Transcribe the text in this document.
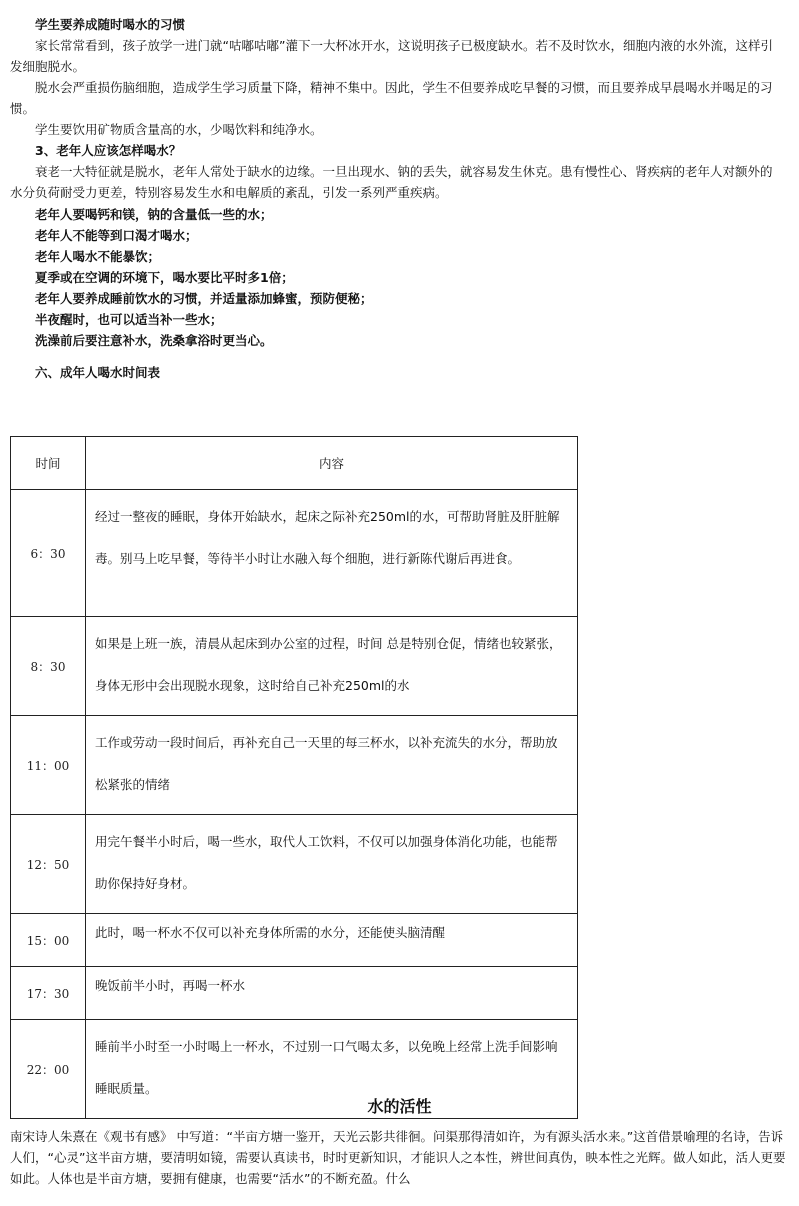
学生要养成随时喝水的习惯

家长常常看到，孩子放学一进门就“咕嘟咕嘟”灌下一大杯冰开水，这说明孩子已极度缺水。若不及时饮水，细胞内液的水外流，这样引发细胞脱水。

脱水会严重损伤脑细胞，造成学生学习质量下降，精神不集中。因此，学生不但要养成吃早餐的习惯，而且要养成早晨喝水并喝足的习惯。

学生要饮用矿物质含量高的水，少喝饮料和纯净水。

3、老年人应该怎样喝水？

衰老一大特征就是脱水，老年人常处于缺水的边缘。一旦出现水、钠的丢失，就容易发生休克。患有慢性心、肾疾病的老年人对额外的水分负荷耐受力更差，特别容易发生水和电解质的紊乱，引发一系列严重疾病。

老年人要喝钙和镁，钠的含量低一些的水；

老年人不能等到口渴才喝水；

老年人喝水不能暴饮；

夏季或在空调的环境下，喝水要比平时多1倍；

老年人要养成睡前饮水的习惯，并适量添加蜂蜜，预防便秘；

半夜醒时，也可以适当补一些水；

洗澡前后要注意补水，洗桑拿浴时更当心。

六、成年人喝水时间表

时间	内容
6：30	经过一整夜的睡眠，身体开始缺水，起床之际补充250ml的水，可帮助肾脏及肝脏解毒。别马上吃早餐，等待半小时让水融入每个细胞，进行新陈代谢后再进食。
8：30	如果是上班一族，清晨从起床到办公室的过程，时间 总是特别仓促，情绪也较紧张，身体无形中会出现脱水现象，这时给自己补充250ml的水
11：00	工作或劳动一段时间后，再补充自己一天里的每三杯水，以补充流失的水分，帮助放松紧张的情绪
12：50	用完午餐半小时后，喝一些水，取代人工饮料，不仅可以加强身体消化功能，也能帮助你保持好身材。
15：00	此时，喝一杯水不仅可以补充身体所需的水分，还能使头脑清醒
17：30	晚饭前半小时，再喝一杯水
22：00	睡前半小时至一小时喝上一杯水，不过别一口气喝太多，以免晚上经常上洗手间影响睡眠质量。
水的活性

南宋诗人朱熹在《观书有感》 中写道：“半亩方塘一鉴开，天光云影共徘徊。问渠那得清如许，为有源头活水来。”这首借景喻理的名诗，告诉人们，“心灵”这半亩方塘，要清明如镜，需要认真读书，时时更新知识，才能识人之本性，辨世间真伪，映本性之光辉。做人如此，活人更要如此。人体也是半亩方塘，要拥有健康，也需要“活水”的不断充盈。什么
